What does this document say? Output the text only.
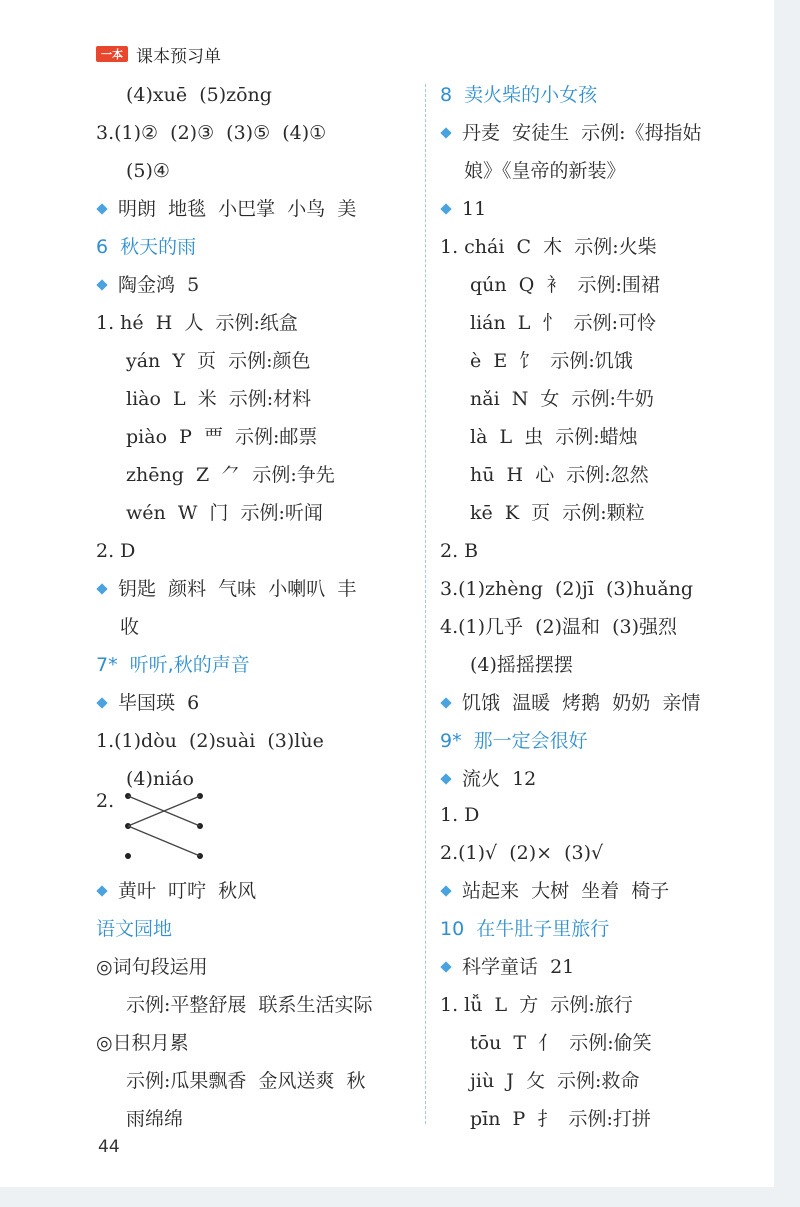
一本 课本预习单
(4)xuē  (5)zōng
3.(1)②  (2)③  (3)⑤  (4)①
(5)④
明朗  地毯  小巴掌  小鸟  美
6  秋天的雨
陶金鸿  5
1. hé  H  人  示例:纸盒
yán  Y  页  示例:颜色
liào  L  米  示例:材料
piào  P  覀  示例:邮票
zhēng  Z  ⺈  示例:争先
wén  W  门  示例:听闻
2. D
钥匙  颜料  气味  小喇叭  丰
收
7*  听听,秋的声音
毕国瑛  6
1.(1)dòu  (2)suài  (3)lùe
(4)niáo
2.
黄叶  叮咛  秋风
语文园地
◎词句段运用
示例:平整舒展  联系生活实际
◎日积月累
示例:瓜果飘香  金风送爽  秋
雨绵绵
8  卖火柴的小女孩
丹麦  安徒生  示例:《拇指姑
娘》《皇帝的新装》
11
1. chái  C  木  示例:火柴
qún  Q  衤  示例:围裙
lián  L  忄  示例:可怜
è  E  饣  示例:饥饿
nǎi  N  女  示例:牛奶
là  L  虫  示例:蜡烛
hū  H  心  示例:忽然
kē  K  页  示例:颗粒
2. B
3.(1)zhèng  (2)jī  (3)huǎng
4.(1)几乎  (2)温和  (3)强烈
(4)摇摇摆摆
饥饿  温暖  烤鹅  奶奶  亲情
9*  那一定会很好
流火  12
1. D
2.(1)√  (2)×  (3)√
站起来  大树  坐着  椅子
10  在牛肚子里旅行
科学童话  21
1. lǚ  L  方  示例:旅行
tōu  T  亻  示例:偷笑
jiù  J  攵  示例:救命
pīn  P  扌  示例:打拼
44
